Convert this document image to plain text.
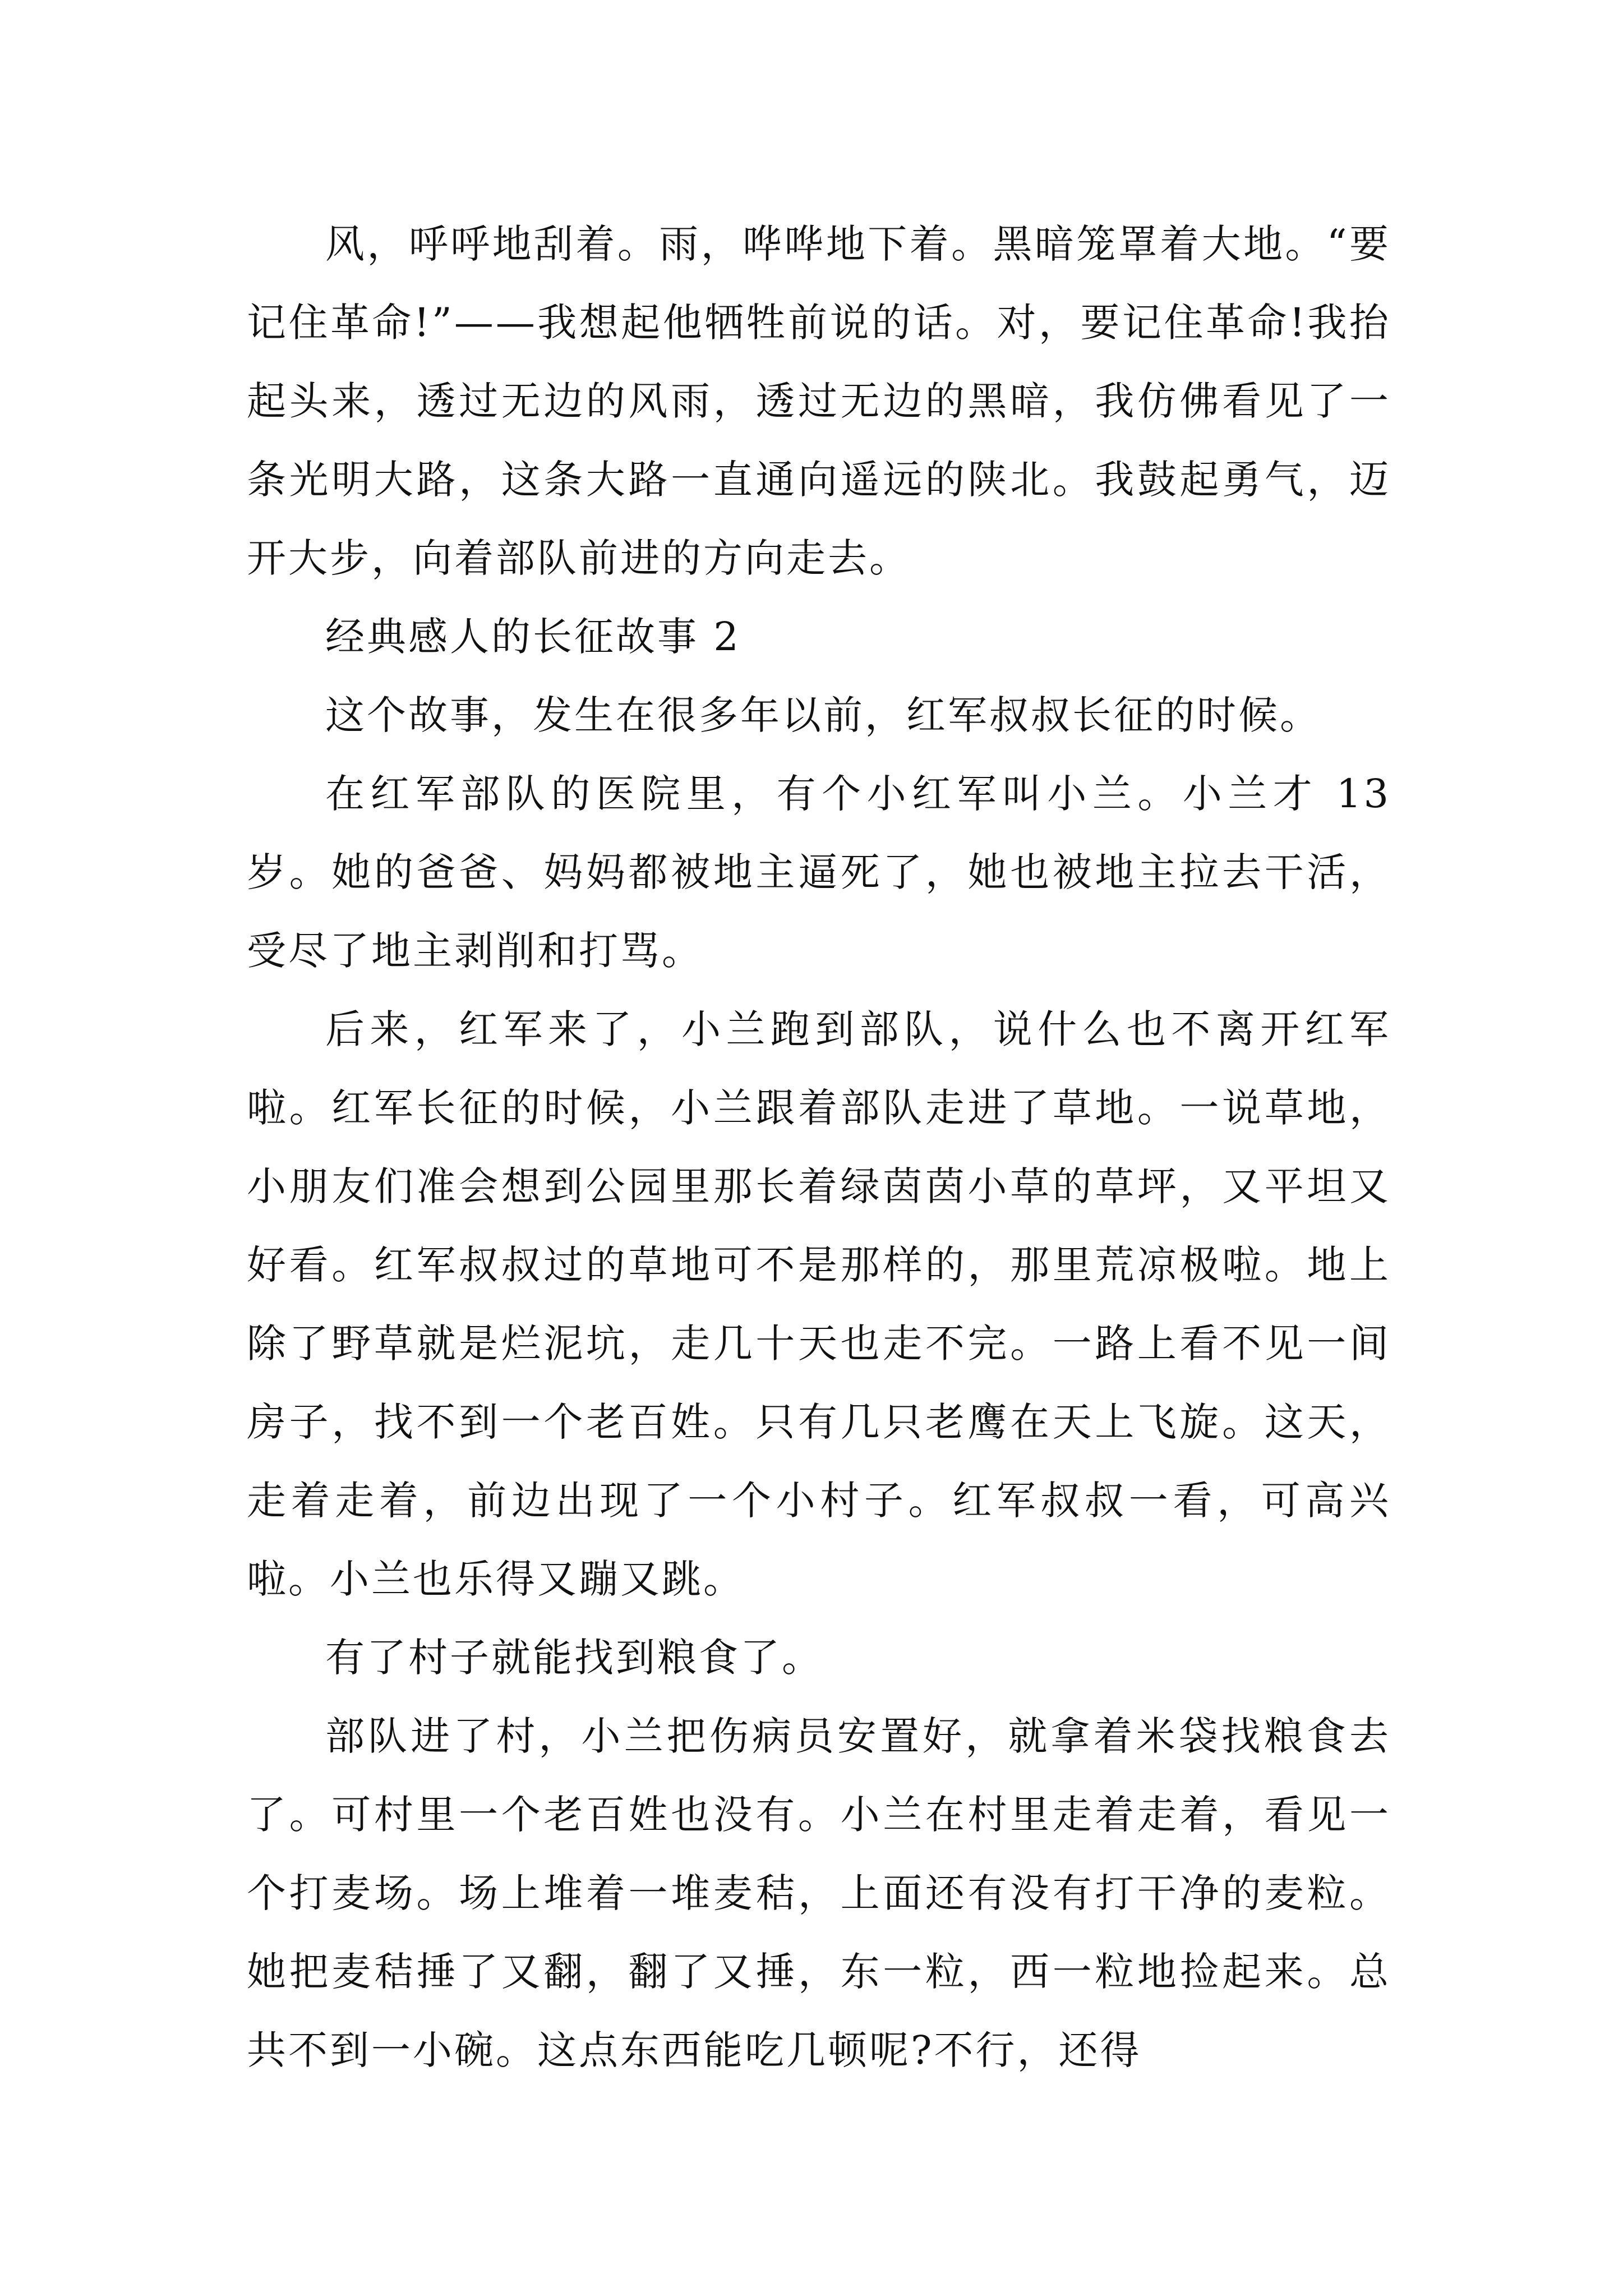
风，呼呼地刮着。雨，哗哗地下着。黑暗笼罩着大地。“要记住革命!”——我想起他牺牲前说的话。对，要记住革命!我抬起头来，透过无边的风雨，透过无边的黑暗，我仿佛看见了一条光明大路，这条大路一直通向遥远的陕北。我鼓起勇气，迈开大步，向着部队前进的方向走去。

经典感人的长征故事 2

这个故事，发生在很多年以前，红军叔叔长征的时候。

在红军部队的医院里，有个小红军叫小兰。小兰才 13 岁。她的爸爸、妈妈都被地主逼死了，她也被地主拉去干活，受尽了地主剥削和打骂。

后来，红军来了，小兰跑到部队，说什么也不离开红军啦。红军长征的时候，小兰跟着部队走进了草地。一说草地，小朋友们准会想到公园里那长着绿茵茵小草的草坪，又平坦又好看。红军叔叔过的草地可不是那样的，那里荒凉极啦。地上除了野草就是烂泥坑，走几十天也走不完。一路上看不见一间房子，找不到一个老百姓。只有几只老鹰在天上飞旋。这天，走着走着，前边出现了一个小村子。红军叔叔一看，可高兴啦。小兰也乐得又蹦又跳。

有了村子就能找到粮食了。

部队进了村，小兰把伤病员安置好，就拿着米袋找粮食去了。可村里一个老百姓也没有。小兰在村里走着走着，看见一个打麦场。场上堆着一堆麦秸，上面还有没有打干净的麦粒。她把麦秸捶了又翻，翻了又捶，东一粒，西一粒地捡起来。总共不到一小碗。这点东西能吃几顿呢?不行，还得
